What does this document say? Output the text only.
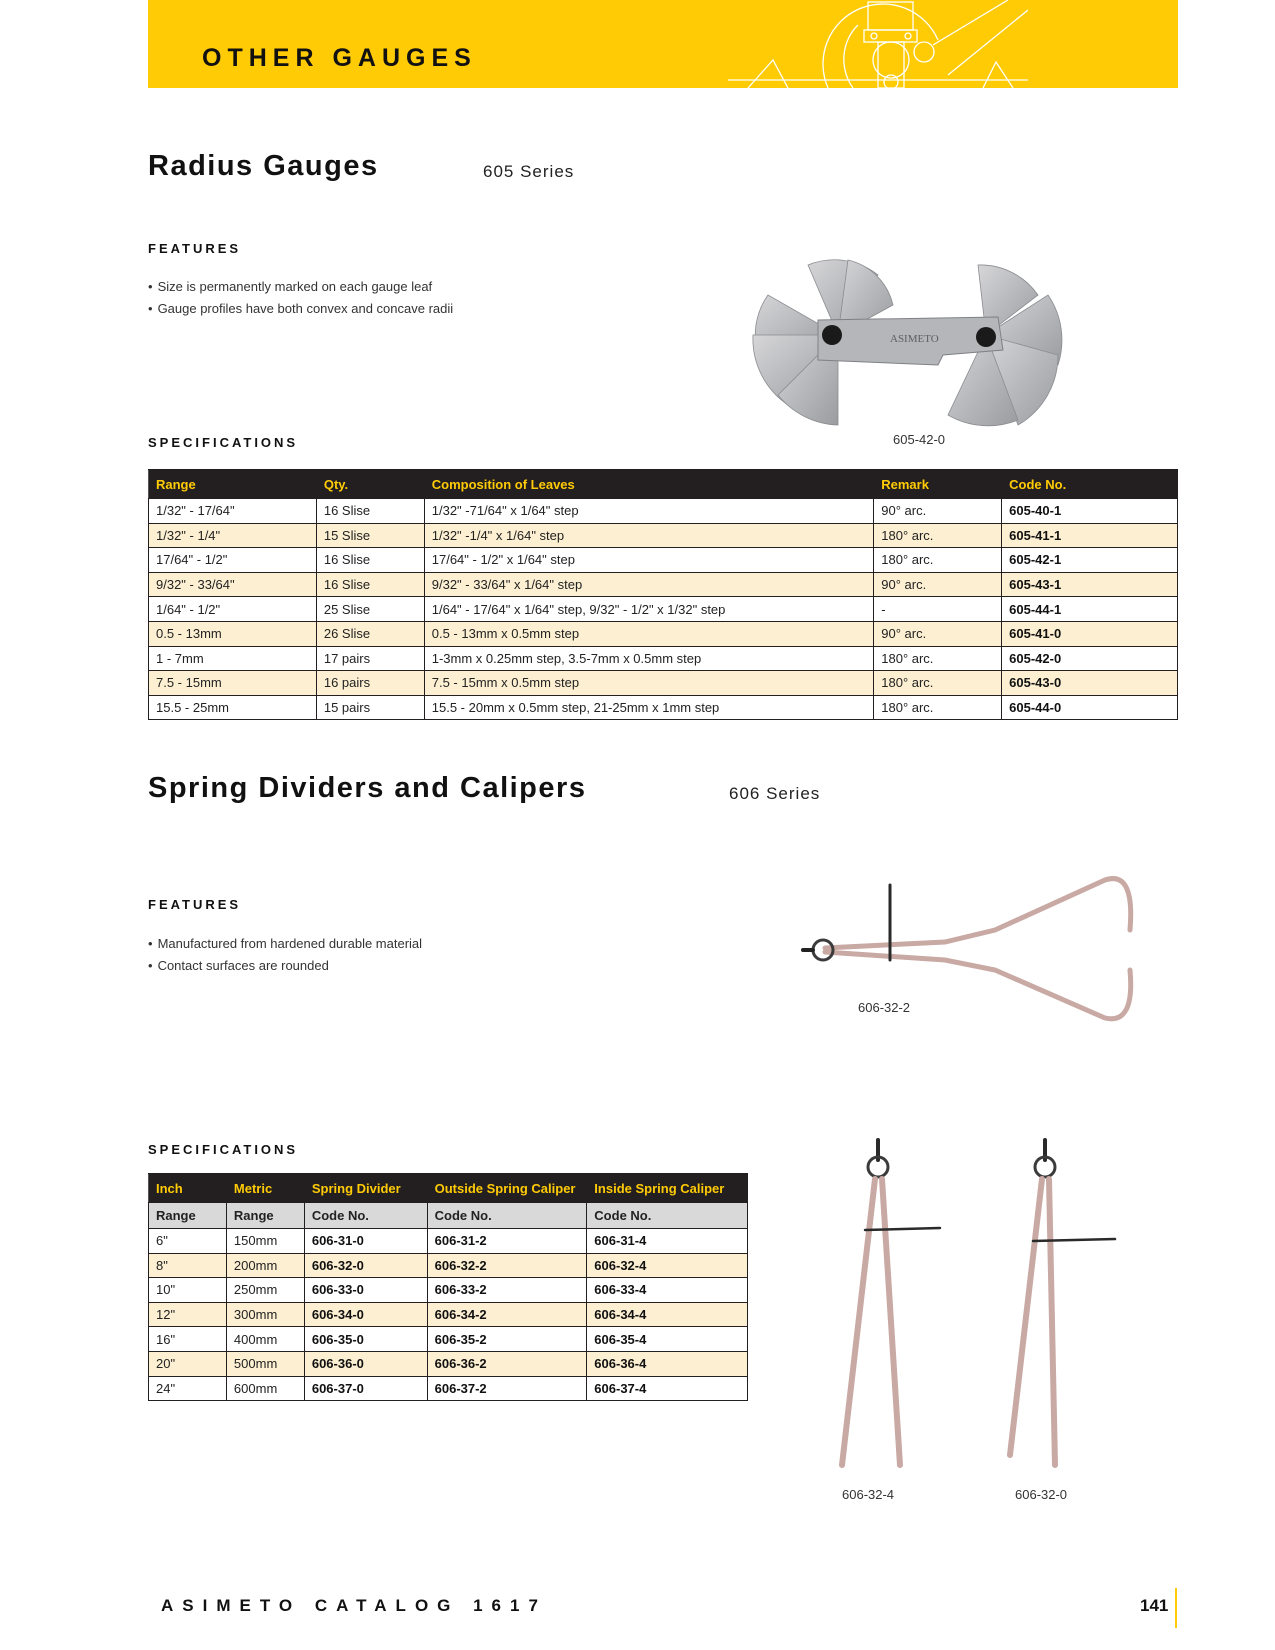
OTHER GAUGES
Radius Gauges	605 Series
FEATURES
• Size is permanently marked on each gauge leaf
• Gauge profiles have both convex and concave radii
ASIMETO
605-42-0
SPECIFICATIONS
Range	Qty.	Composition of Leaves	Remark	Code No.
1/32" - 17/64"	16 Slise	1/32" -71/64" x 1/64" step	90° arc.	605-40-1
1/32" - 1/4"	15 Slise	1/32" -1/4" x 1/64" step	180° arc.	605-41-1
17/64" - 1/2"	16 Slise	17/64" - 1/2" x 1/64" step	180° arc.	605-42-1
9/32" - 33/64"	16 Slise	9/32" - 33/64" x 1/64" step	90° arc.	605-43-1
1/64" - 1/2"	25 Slise	1/64" - 17/64" x 1/64" step, 9/32" - 1/2" x 1/32" step	-	605-44-1
0.5 - 13mm	26 Slise	0.5 - 13mm x 0.5mm step	90° arc.	605-41-0
1 - 7mm	17 pairs	1-3mm x 0.25mm step, 3.5-7mm x 0.5mm step	180° arc.	605-42-0
7.5 - 15mm	16 pairs	7.5 - 15mm x 0.5mm step	180° arc.	605-43-0
15.5 - 25mm	15 pairs	15.5 - 20mm x 0.5mm step, 21-25mm x 1mm step	180° arc.	605-44-0
Spring Dividers and Calipers	606 Series
FEATURES
• Manufactured from hardened durable material
• Contact surfaces are rounded
606-32-2
SPECIFICATIONS
Inch	Metric	Spring Divider	Outside Spring Caliper	Inside Spring Caliper
Range	Range	Code No.	Code No.	Code No.
6"	150mm	606-31-0	606-31-2	606-31-4
8"	200mm	606-32-0	606-32-2	606-32-4
10"	250mm	606-33-0	606-33-2	606-33-4
12"	300mm	606-34-0	606-34-2	606-34-4
16"	400mm	606-35-0	606-35-2	606-35-4
20"	500mm	606-36-0	606-36-2	606-36-4
24"	600mm	606-37-0	606-37-2	606-37-4
606-32-4	606-32-0
ASIMETO CATALOG 1617	141
